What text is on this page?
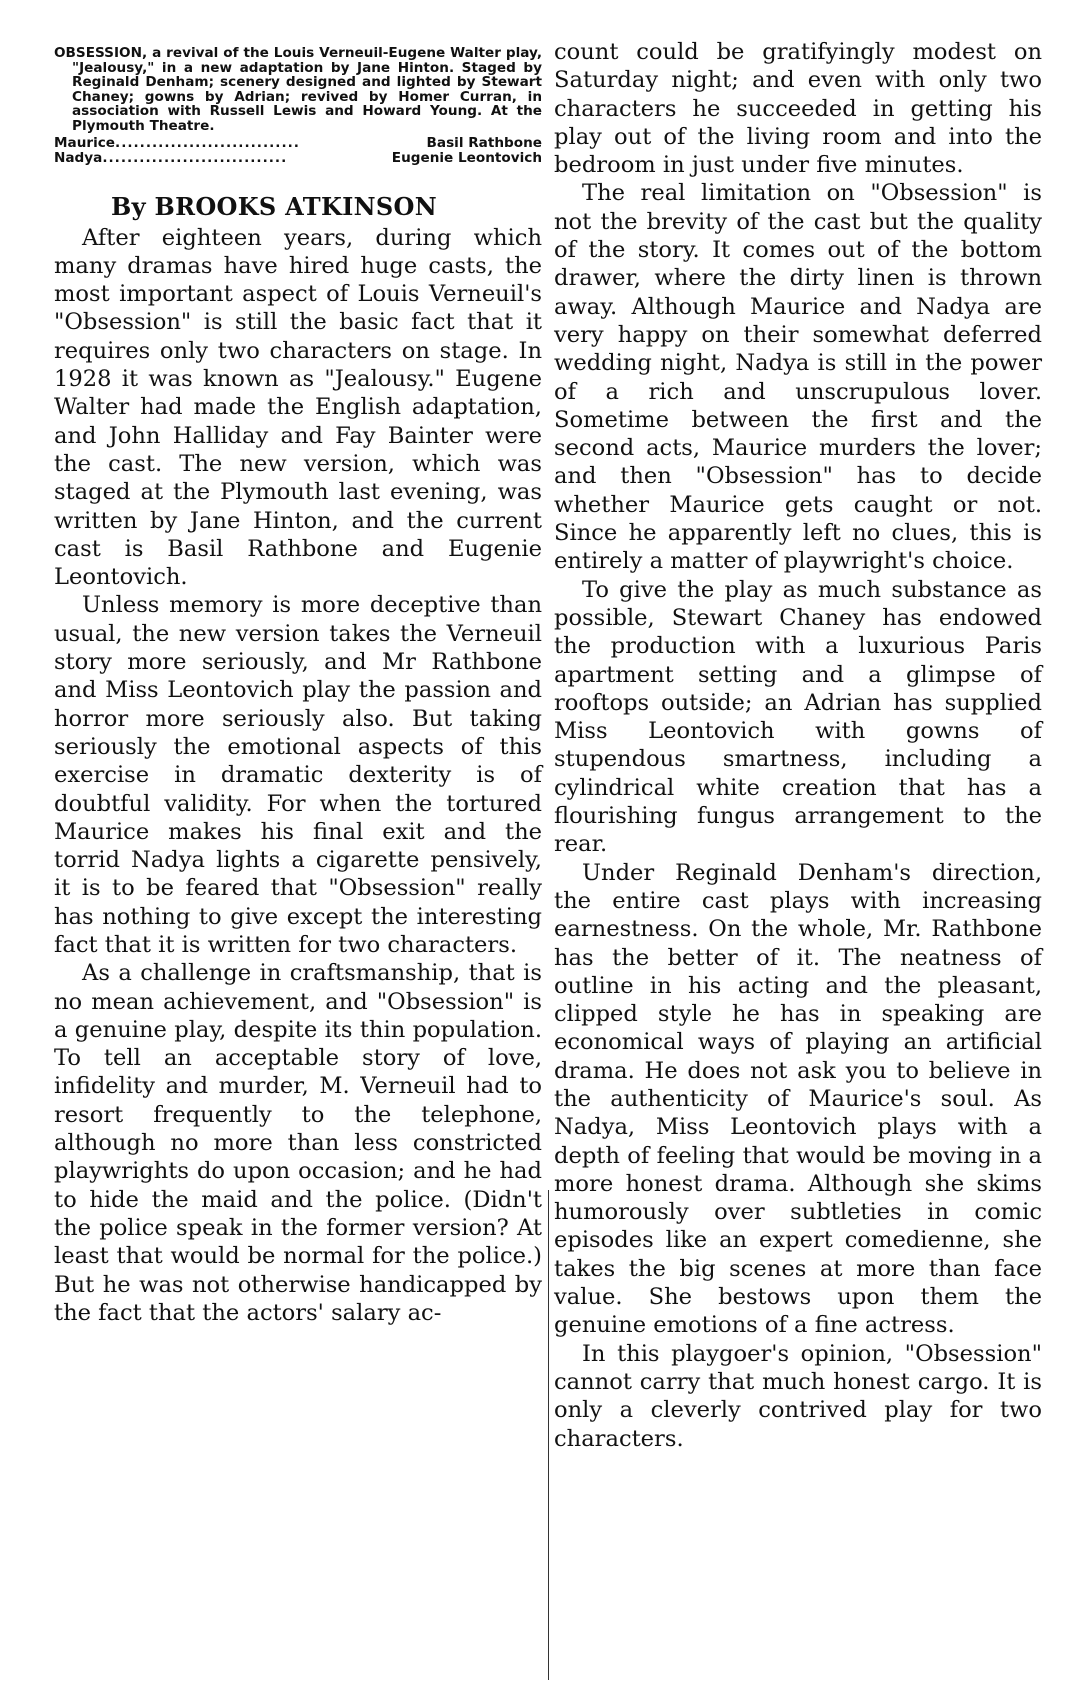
OBSESSION, a revival of the Louis Verneuil-Eugene Walter play, "Jealousy," in a new adaptation by Jane Hinton. Staged by Reginald Denham; scenery designed and lighted by Stewart Chaney; gowns by Adrian; revived by Homer Curran, in association with Russell Lewis and Howard Young. At the Plymouth Theatre.
Maurice ..............................	Basil Rathbone
Nadya ..............................	Eugenie Leontovich
By BROOKS ATKINSON

After eighteen years, during which many dramas have hired huge casts, the most important aspect of Louis Verneuil's "Obsession" is still the basic fact that it requires only two characters on stage. In 1928 it was known as "Jealousy." Eugene Walter had made the English adaptation, and John Halliday and Fay Bainter were the cast. The new version, which was staged at the Plymouth last evening, was written by Jane Hinton, and the current cast is Basil Rathbone and Eugenie Leontovich.

Unless memory is more deceptive than usual, the new version takes the Verneuil story more seriously, and Mr Rathbone and Miss Leontovich play the passion and horror more seriously also. But taking seriously the emotional aspects of this exercise in dramatic dexterity is of doubtful validity. For when the tortured Maurice makes his final exit and the torrid Nadya lights a cigarette pensively, it is to be feared that "Obsession" really has nothing to give except the interesting fact that it is written for two characters.

As a challenge in craftsmanship, that is no mean achievement, and "Obsession" is a genuine play, despite its thin population. To tell an acceptable story of love, infidelity and murder, M. Verneuil had to resort frequently to the telephone, although no more than less constricted playwrights do upon occasion; and he had to hide the maid and the police. (Didn't the police speak in the former version? At least that would be normal for the police.) But he was not otherwise handicapped by the fact that the actors' salary ac-

count could be gratifyingly modest on Saturday night; and even with only two characters he succeeded in getting his play out of the living room and into the bedroom in just under five minutes.

The real limitation on "Obsession" is not the brevity of the cast but the quality of the story. It comes out of the bottom drawer, where the dirty linen is thrown away. Although Maurice and Nadya are very happy on their somewhat deferred wedding night, Nadya is still in the power of a rich and unscrupulous lover. Sometime between the first and the second acts, Maurice murders the lover; and then "Obsession" has to decide whether Maurice gets caught or not. Since he apparently left no clues, this is entirely a matter of playwright's choice.

To give the play as much substance as possible, Stewart Chaney has endowed the production with a luxurious Paris apartment setting and a glimpse of rooftops outside; an Adrian has supplied Miss Leontovich with gowns of stupendous smartness, including a cylindrical white creation that has a flourishing fungus arrangement to the rear.

Under Reginald Denham's direction, the entire cast plays with increasing earnestness. On the whole, Mr. Rathbone has the better of it. The neatness of outline in his acting and the pleasant, clipped style he has in speaking are economical ways of playing an artificial drama. He does not ask you to believe in the authenticity of Maurice's soul. As Nadya, Miss Leontovich plays with a depth of feeling that would be moving in a more honest drama. Although she skims humorously over subtleties in comic episodes like an expert comedienne, she takes the big scenes at more than face value. She bestows upon them the genuine emotions of a fine actress.

In this playgoer's opinion, "Obsession" cannot carry that much honest cargo. It is only a cleverly contrived play for two characters.
